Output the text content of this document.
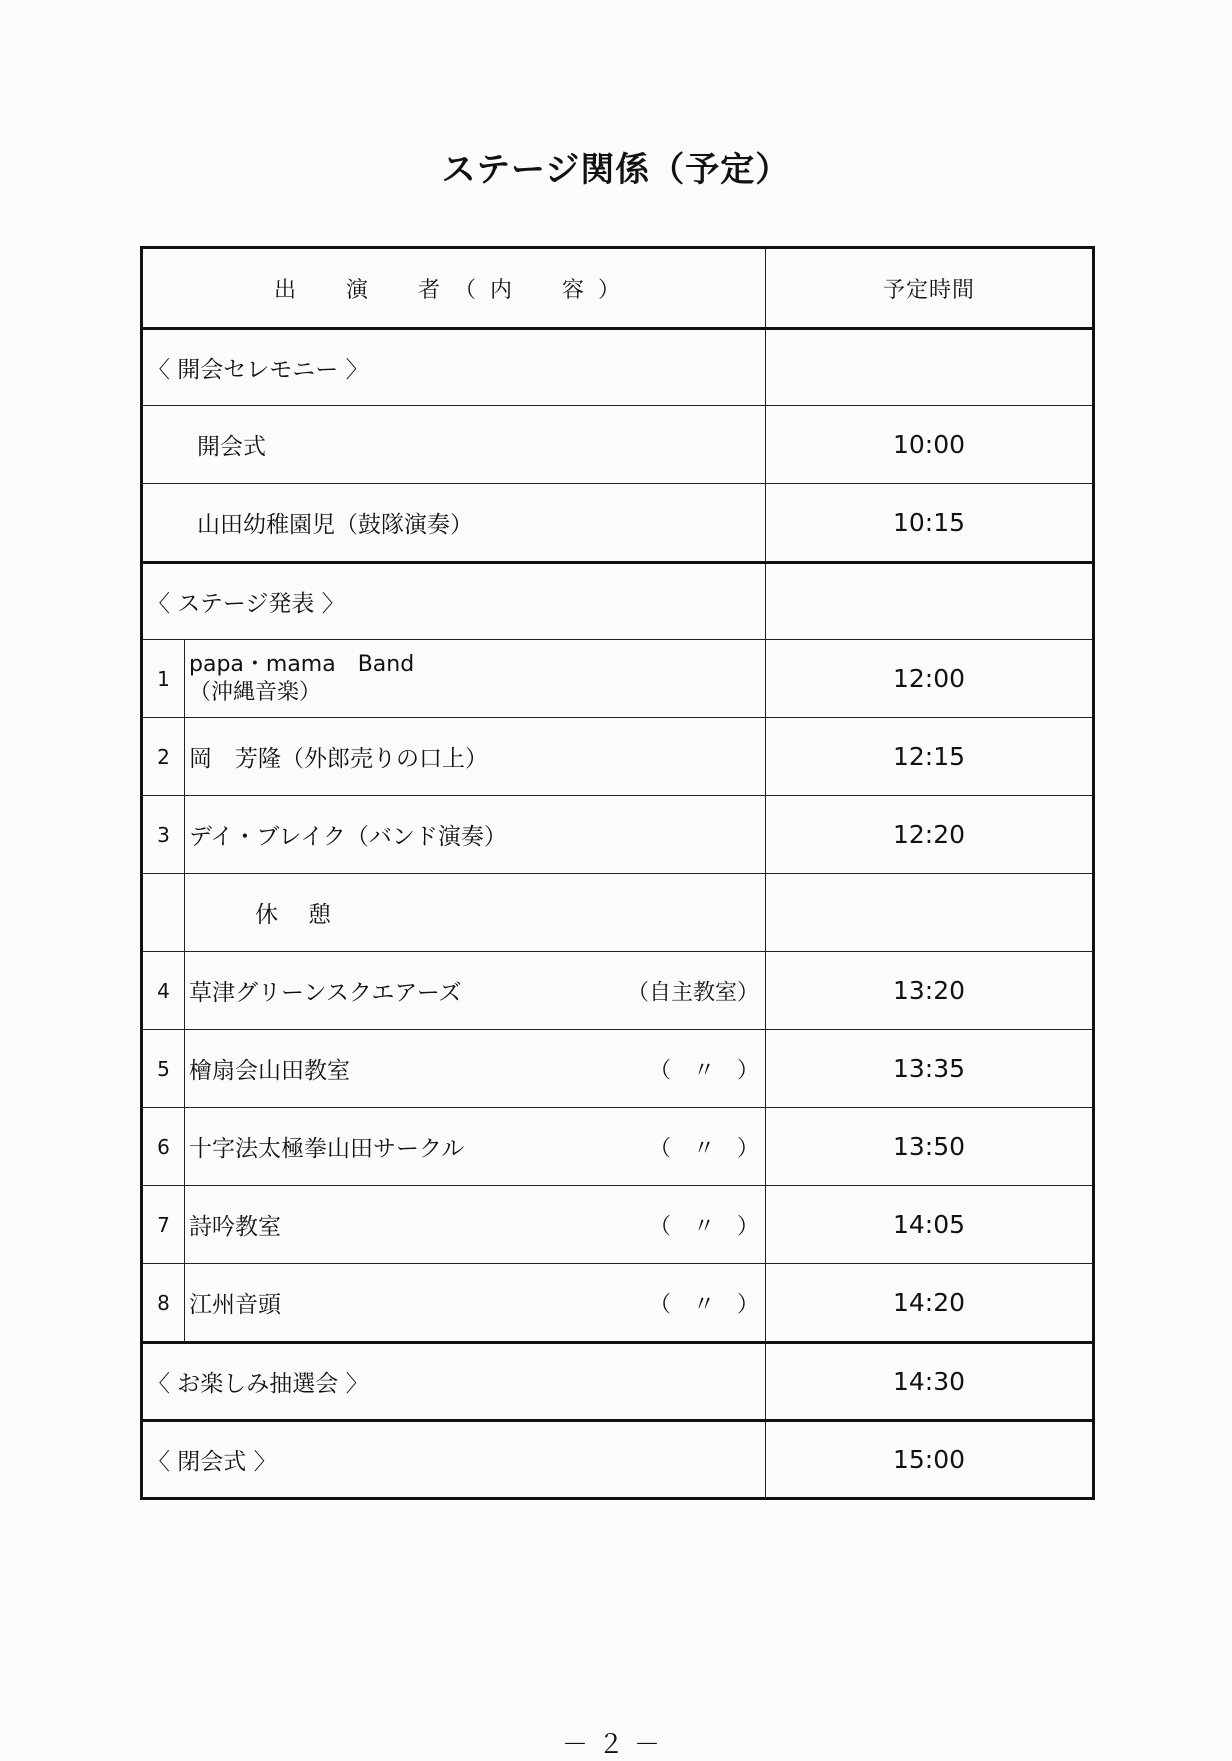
ステージ関係（予定）
出　演　者（内　容）	予定時間
〈 開会セレモニー 〉
開会式	10:00
山田幼稚園児（鼓隊演奏）	10:15
〈 ステージ発表 〉
1
papa・mama　Band
（沖縄音楽）	12:00
2 岡　芳隆（外郎売りの口上）	12:15
3 デイ・ブレイク（バンド演奏）	12:20
休憩
4 草津グリーンスクエアーズ	（自主教室）	13:20
5 檜扇会山田教室	（　〃　）	13:35
6 十字法太極拳山田サークル	（　〃　）	13:50
7 詩吟教室	（　〃　）	14:05
8 江州音頭	（　〃　）	14:20
〈 お楽しみ抽選会 〉	14:30
〈 閉会式 〉	15:00
－２－
